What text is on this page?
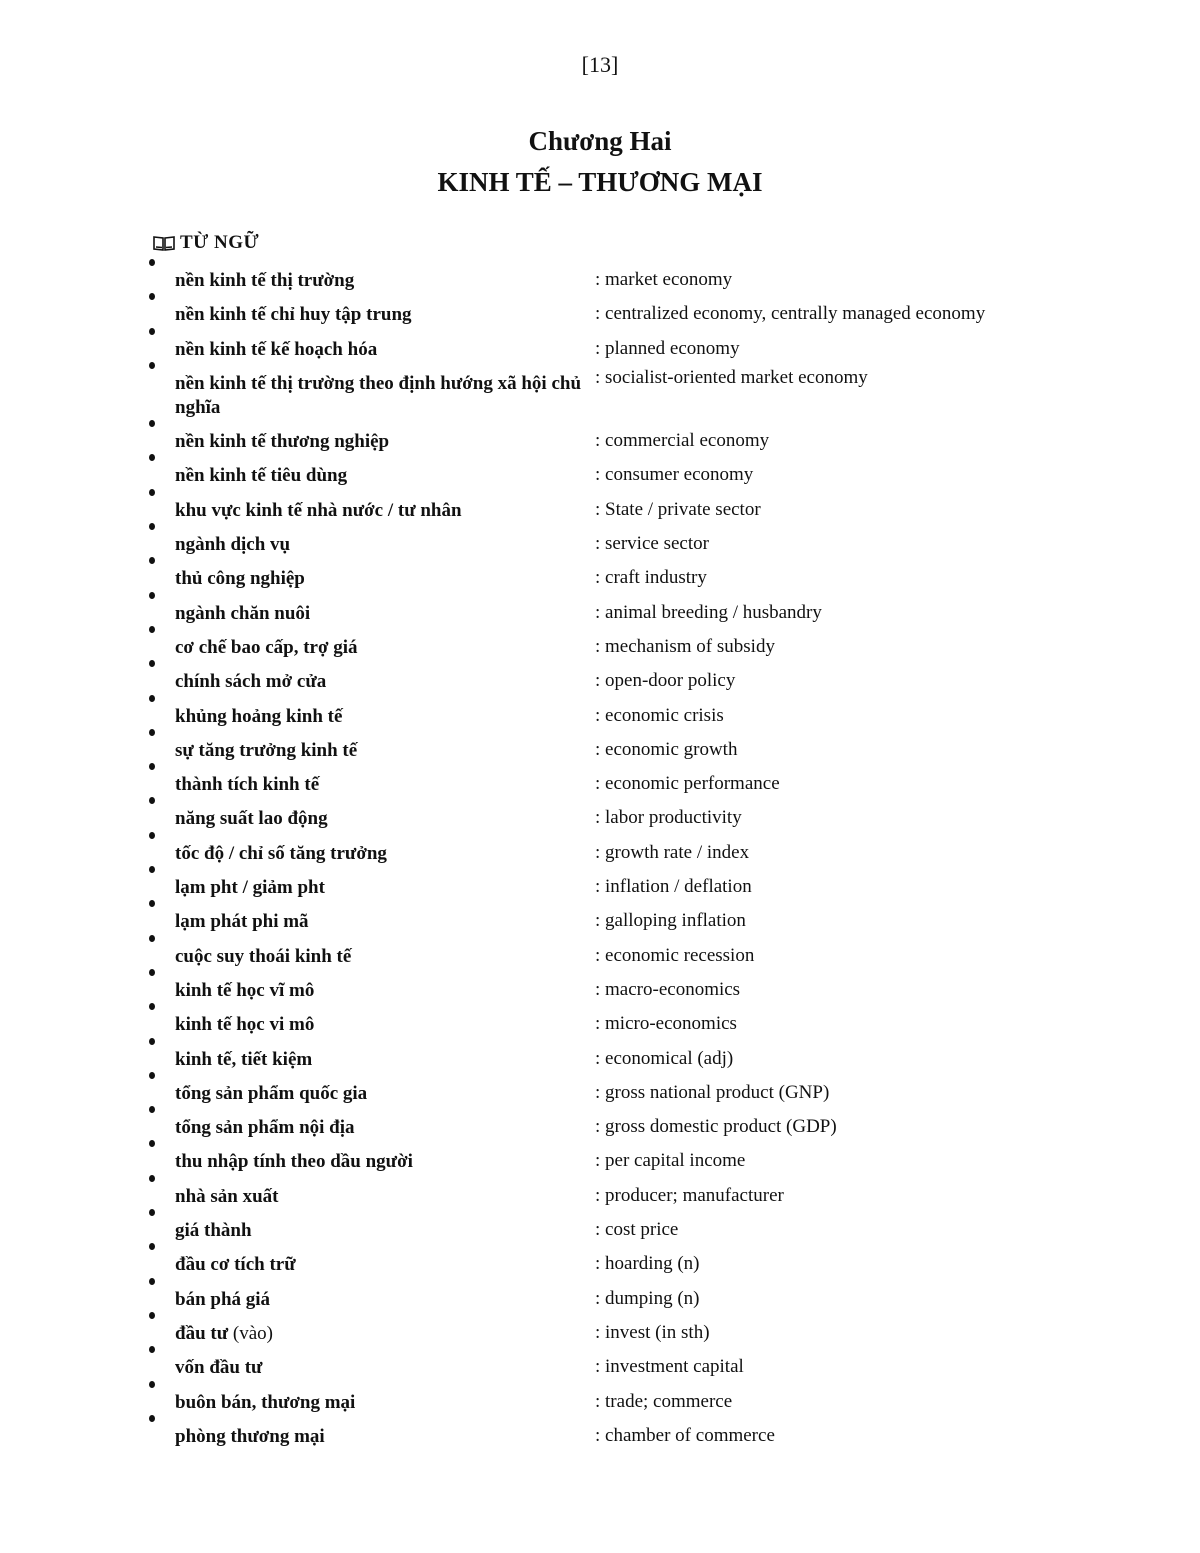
[13]
Chương Hai
KINH TẾ – THƯƠNG MẠI
TỪ NGỮ
nền kinh tế thị trường	: market economy
nền kinh tế chỉ huy tập trung	: centralized economy, centrally managed economy
nền kinh tế kế hoạch hóa	: planned economy
nền kinh tế thị trường theo định hướng xã hội chủ nghĩa
: socialist-oriented market economy
nền kinh tế thương nghiệp	: commercial economy
nền kinh tế tiêu dùng	: consumer economy
khu vực kinh tế nhà nước / tư nhân	: State / private sector
ngành dịch vụ	: service sector
thủ công nghiệp	: craft industry
ngành chăn nuôi	: animal breeding / husbandry
cơ chế bao cấp, trợ giá	: mechanism of subsidy
chính sách mở cửa	: open-door policy
khủng hoảng kinh tế	: economic crisis
sự tăng trưởng kinh tế	: economic growth
thành tích kinh tế	: economic performance
năng suất lao động	: labor productivity
tốc độ / chỉ số tăng trưởng	: growth rate / index
lạm pht / giảm pht	: inflation / deflation
lạm phát phi mã	: galloping inflation
cuộc suy thoái kinh tế	: economic recession
kinh tế học vĩ mô	: macro-economics
kinh tế học vi mô	: micro-economics
kinh tế, tiết kiệm	: economical (adj)
tổng sản phẩm quốc gia	: gross national product (GNP)
tổng sản phẩm nội địa	: gross domestic product (GDP)
thu nhập tính theo dầu người	: per capital income
nhà sản xuất	: producer; manufacturer
giá thành	: cost price
đầu cơ tích trữ	: hoarding (n)
bán phá giá	: dumping (n)
đầu tư (vào)	: invest (in sth)
vốn đầu tư	: investment capital
buôn bán, thương mại	: trade; commerce
phòng thương mại	: chamber of commerce
